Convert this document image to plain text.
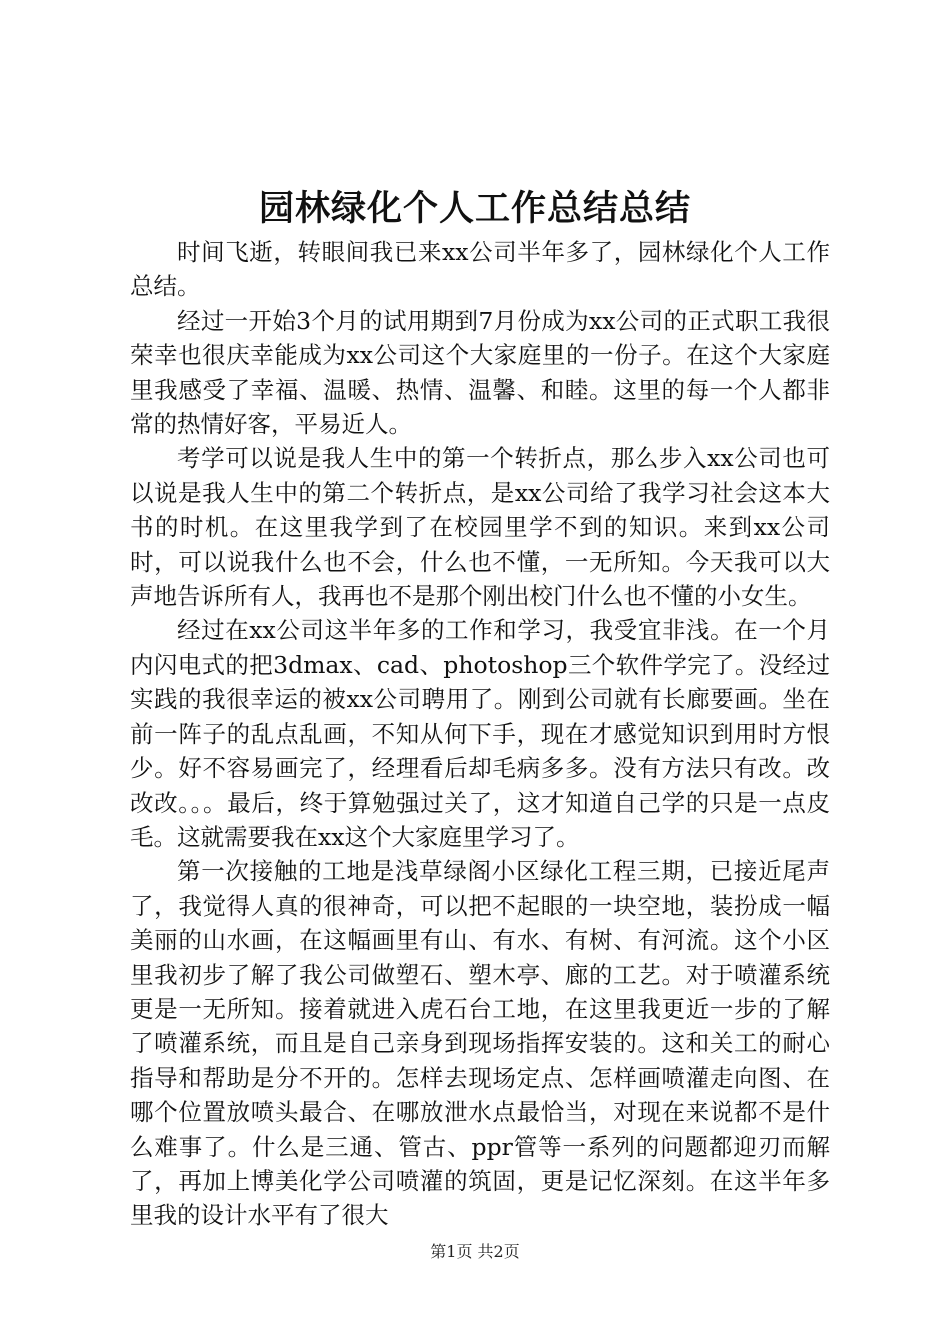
园林绿化个人工作总结总结

时间飞逝，转眼间我已来xx公司半年多了，园林绿化个人工作总结。

经过一开始3个月的试用期到7月份成为xx公司的正式职工我很荣幸也很庆幸能成为xx公司这个大家庭里的一份子。在这个大家庭里我感受了幸福、温暖、热情、温馨、和睦。这里的每一个人都非常的热情好客，平易近人。

考学可以说是我人生中的第一个转折点，那么步入xx公司也可以说是我人生中的第二个转折点，是xx公司给了我学习社会这本大书的时机。在这里我学到了在校园里学不到的知识。来到xx公司时，可以说我什么也不会，什么也不懂，一无所知。今天我可以大声地告诉所有人，我再也不是那个刚出校门什么也不懂的小女生。

经过在xx公司这半年多的工作和学习，我受宜非浅。在一个月内闪电式的把3dmax、cad、photoshop三个软件学完了。没经过实践的我很幸运的被xx公司聘用了。刚到公司就有长廊要画。坐在前一阵子的乱点乱画，不知从何下手，现在才感觉知识到用时方恨少。好不容易画完了，经理看后却毛病多多。没有方法只有改。改改改。。。最后，终于算勉强过关了，这才知道自己学的只是一点皮毛。这就需要我在xx这个大家庭里学习了。

第一次接触的工地是浅草绿阁小区绿化工程三期，已接近尾声了，我觉得人真的很神奇，可以把不起眼的一块空地，装扮成一幅美丽的山水画，在这幅画里有山、有水、有树、有河流。这个小区里我初步了解了我公司做塑石、塑木亭、廊的工艺。对于喷灌系统更是一无所知。接着就进入虎石台工地，在这里我更近一步的了解了喷灌系统，而且是自己亲身到现场指挥安装的。这和关工的耐心指导和帮助是分不开的。怎样去现场定点、怎样画喷灌走向图、在哪个位置放喷头最合、在哪放泄水点最恰当，对现在来说都不是什么难事了。什么是三通、管古、ppr管等一系列的问题都迎刃而解了，再加上博美化学公司喷灌的筑固，更是记忆深刻。在这半年多里我的设计水平有了很大

第1页 共2页
